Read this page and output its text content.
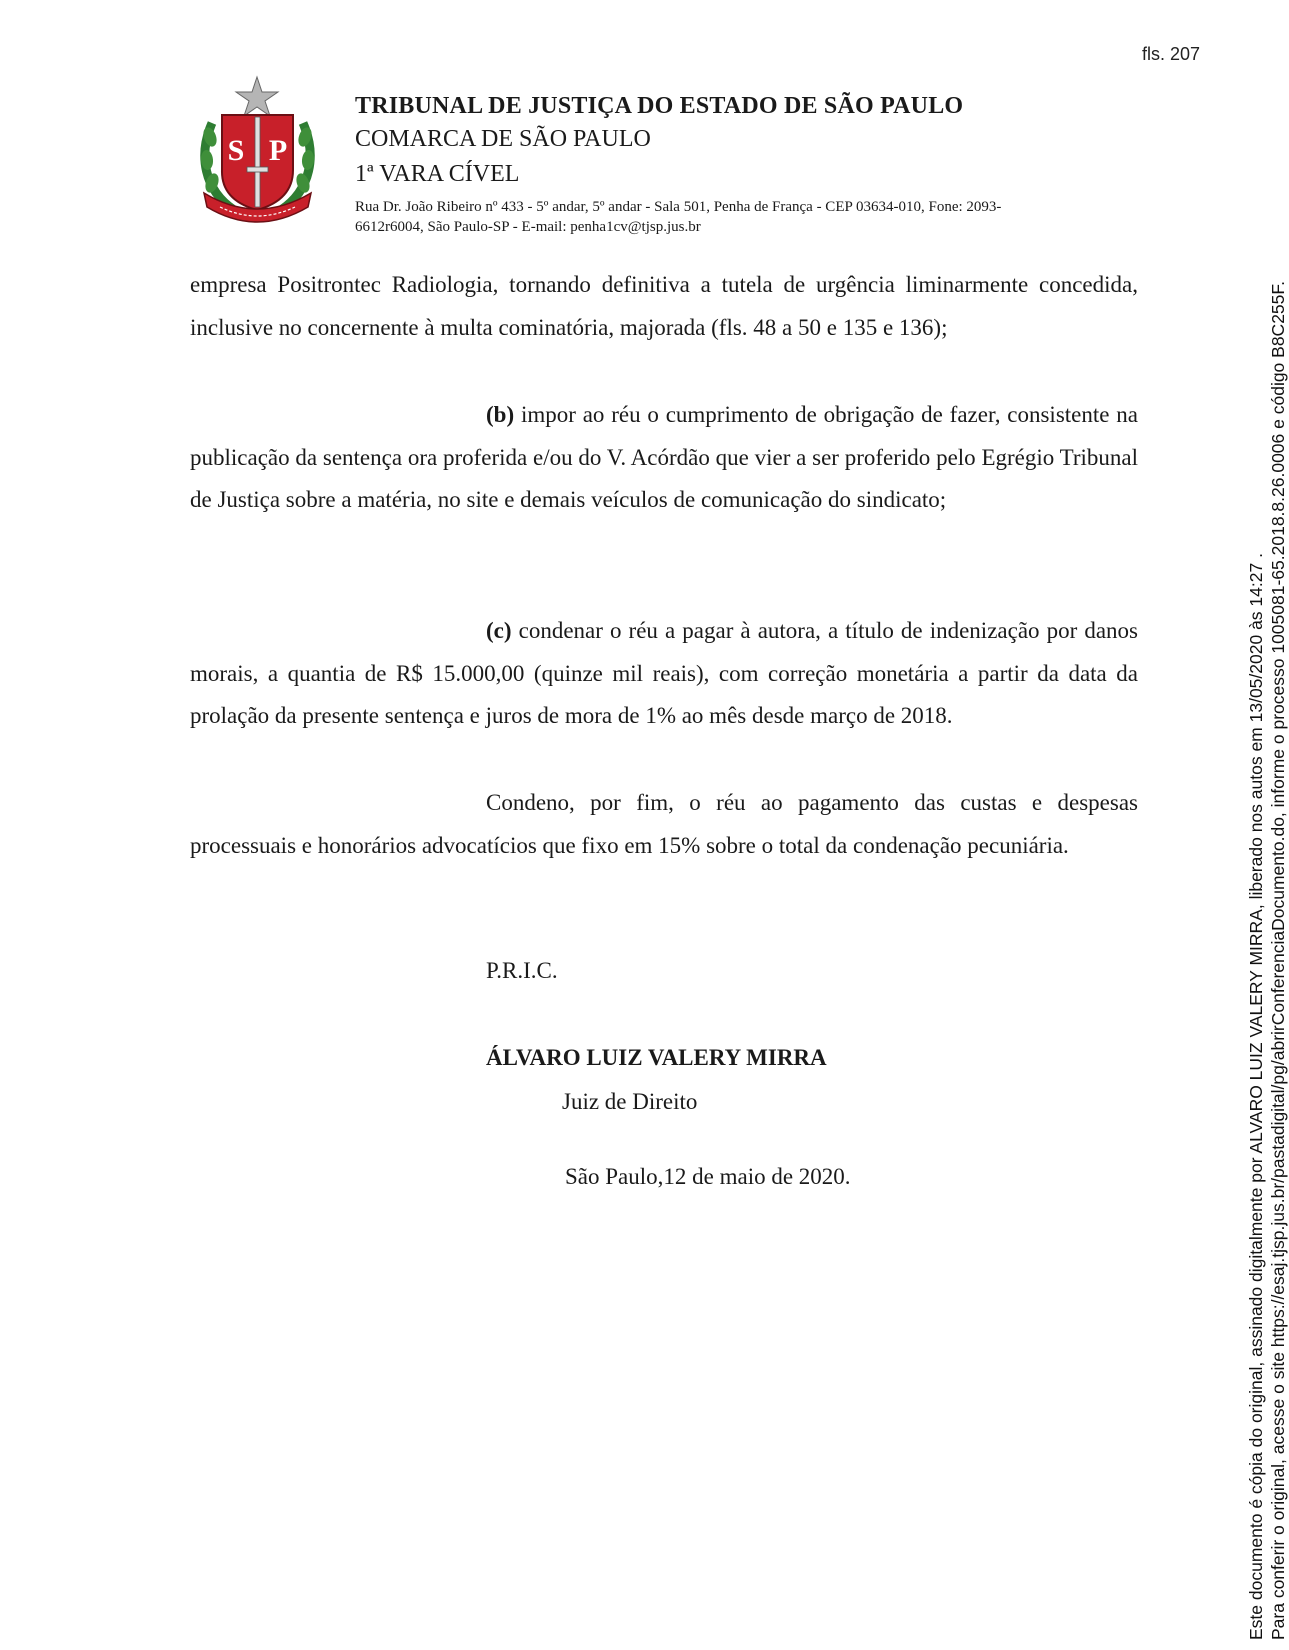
fls. 207
S P
TRIBUNAL DE JUSTIÇA DO ESTADO DE SÃO PAULO
COMARCA DE SÃO PAULO
1ª VARA CÍVEL
Rua Dr. João Ribeiro nº 433 - 5º andar, 5º andar - Sala 501, Penha de França - CEP 03634-010, Fone: 2093-6612r6004, São Paulo-SP - E-mail: penha1cv@tjsp.jus.br

empresa Positrontec Radiologia, tornando definitiva a tutela de urgência liminarmente concedida, inclusive no concernente à multa cominatória, majorada (fls. 48 a 50 e 135 e 136);

(b) impor ao réu o cumprimento de obrigação de fazer, consistente na publicação da sentença ora proferida e/ou do V. Acórdão que vier a ser proferido pelo Egrégio Tribunal de Justiça sobre a matéria, no site e demais veículos de comunicação do sindicato;

(c) condenar o réu a pagar à autora, a título de indenização por danos morais, a quantia de R$ 15.000,00 (quinze mil reais), com correção monetária a partir da data da prolação da presente sentença e juros de mora de 1% ao mês desde março de 2018.

Condeno, por fim, o réu ao pagamento das custas e despesas processuais e honorários advocatícios que fixo em 15% sobre o total da condenação pecuniária.

P.R.I.C.
ÁLVARO LUIZ VALERY MIRRA
Juiz de Direito
São Paulo,12 de maio de 2020.	Este documento é cópia do original, assinado digitalmente por ALVARO LUIZ VALERY MIRRA, liberado nos autos em 13/05/2020 às 14:27 . Para conferir o original, acesse o site https://esaj.tjsp.jus.br/pastadigital/pg/abrirConferenciaDocumento.do, informe o processo 1005081-65.2018.8.26.0006 e código B8C255F.
